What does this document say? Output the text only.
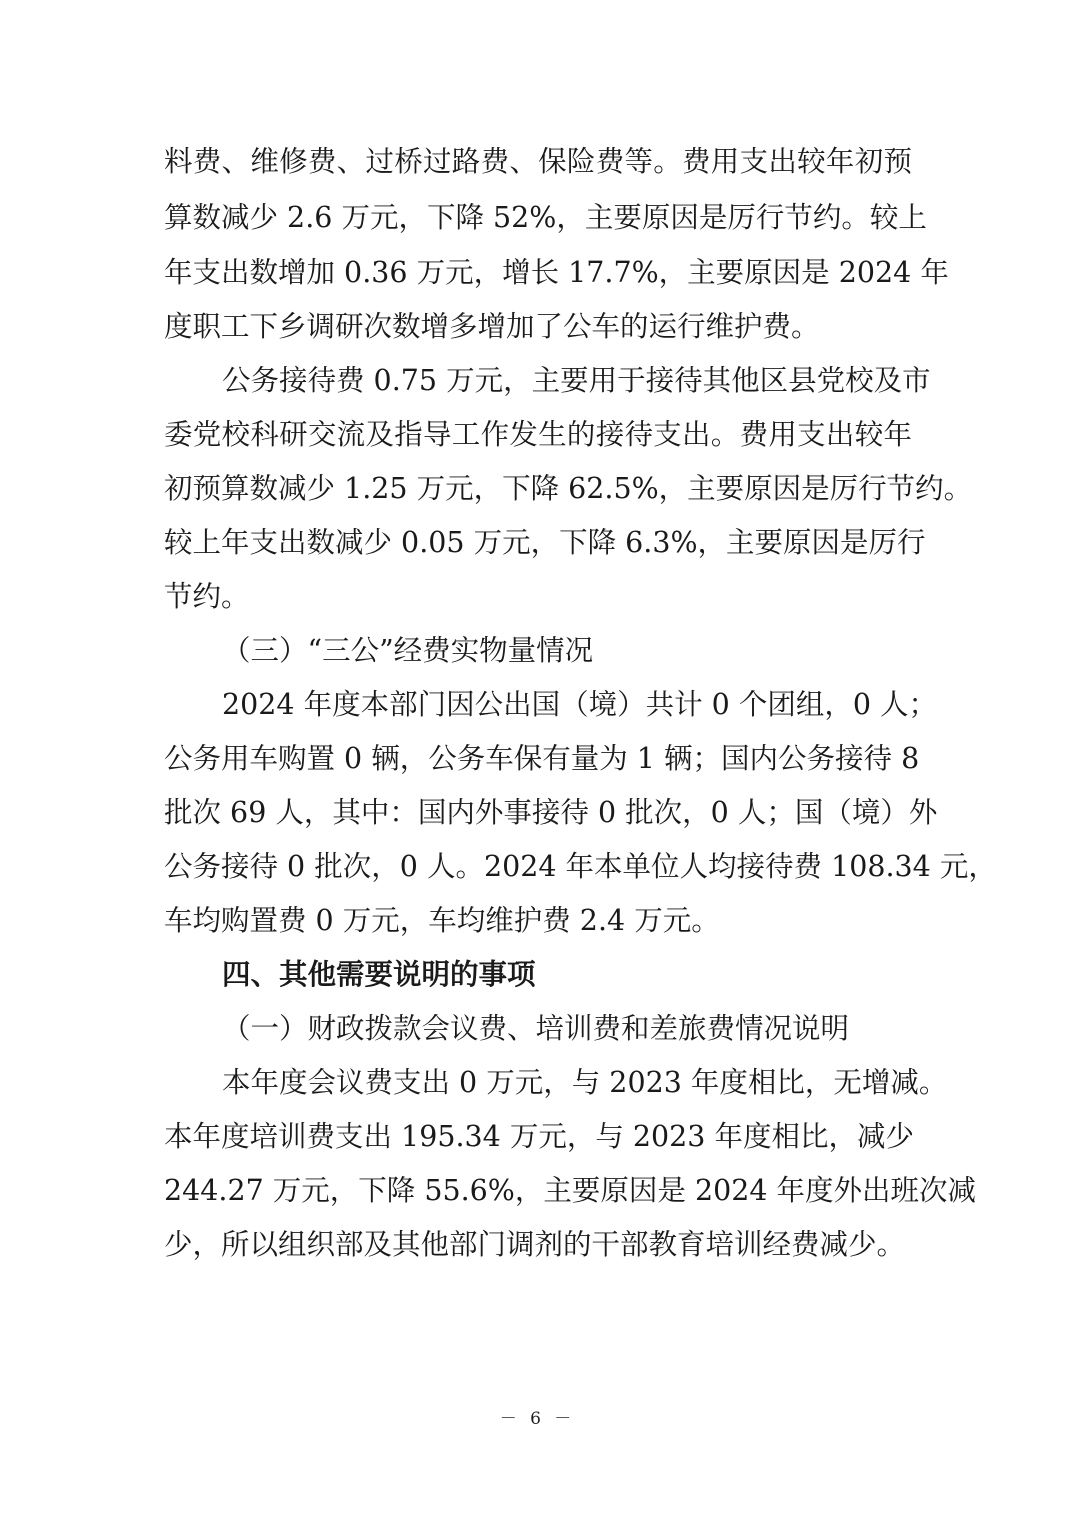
料费、维修费、过桥过路费、保险费等。费用支出较年初预
算数减少 2.6 万元，下降 52%，主要原因是厉行节约。较上
年支出数增加 0.36 万元，增长 17.7%，主要原因是 2024 年
度职工下乡调研次数增多增加了公车的运行维护费。
公务接待费 0.75 万元，主要用于接待其他区县党校及市
委党校科研交流及指导工作发生的接待支出。费用支出较年
初预算数减少 1.25 万元，下降 62.5%，主要原因是厉行节约。
较上年支出数减少 0.05 万元，下降 6.3%，主要原因是厉行
节约。
（三）“三公”经费实物量情况
2024 年度本部门因公出国（境）共计 0 个团组，0 人；
公务用车购置 0 辆，公务车保有量为 1 辆；国内公务接待 8
批次 69 人，其中：国内外事接待 0 批次，0 人；国（境）外
公务接待 0 批次，0 人。2024 年本单位人均接待费 108.34 元，
车均购置费 0 万元，车均维护费 2.4 万元。
四、其他需要说明的事项
（一）财政拨款会议费、培训费和差旅费情况说明
本年度会议费支出 0 万元，与 2023 年度相比，无增减。
本年度培训费支出 195.34 万元，与 2023 年度相比，减少
244.27 万元，下降 55.6%，主要原因是 2024 年度外出班次减
少，所以组织部及其他部门调剂的干部教育培训经费减少。
－ 6 －
